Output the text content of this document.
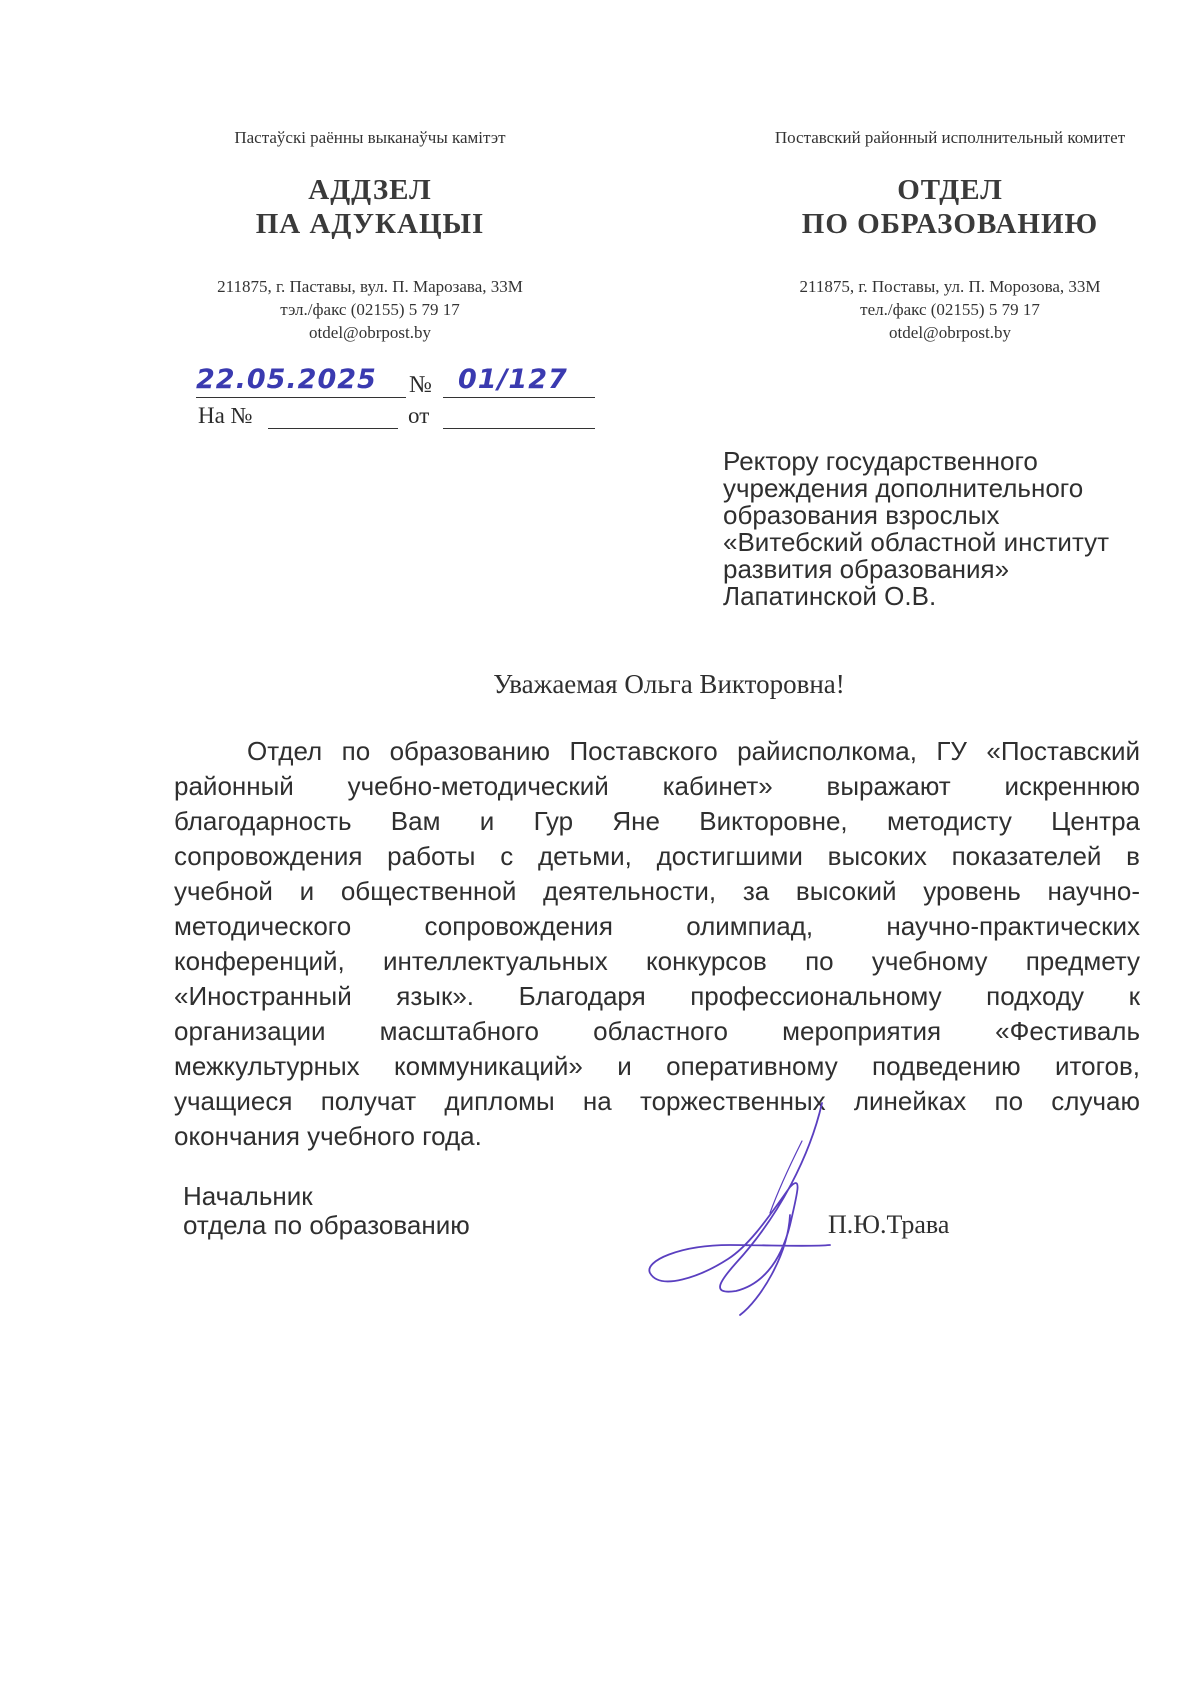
Пастаўскі раённы выканаўчы камітэт
АДДЗЕЛ
ПА АДУКАЦЫІ
211875, г. Паставы, вул. П. Марозава, 33М
тэл./факс (02155) 5 79 17
otdel@obrpost.by
Поставский районный исполнительный комитет
ОТДЕЛ
ПО ОБРАЗОВАНИЮ
211875, г. Поставы, ул. П. Морозова, 33М
тел./факс (02155) 5 79 17
otdel@obrpost.by
22.05.2025 № 01/127
На №	от
Ректору государственного
учреждения дополнительного
образования взрослых
«Витебский областной институт
развития образования»
Лапатинской О.В.
Уважаемая Ольга Викторовна!
Отдел по образованию Поставского райисполкома, ГУ «Поставский
районный учебно-методический кабинет» выражают искреннюю
благодарность Вам и Гур Яне Викторовне, методисту Центра
сопровождения работы с детьми, достигшими высоких показателей в
учебной и общественной деятельности, за высокий уровень научно-
методического сопровождения олимпиад, научно-практических
конференций, интеллектуальных конкурсов по учебному предмету
«Иностранный язык». Благодаря профессиональному подходу к
организации масштабного областного мероприятия «Фестиваль
межкультурных коммуникаций» и оперативному подведению итогов,
учащиеся получат дипломы на торжественных линейках по случаю
окончания учебного года.
Начальник
отдела по образованию	П.Ю.Трава
